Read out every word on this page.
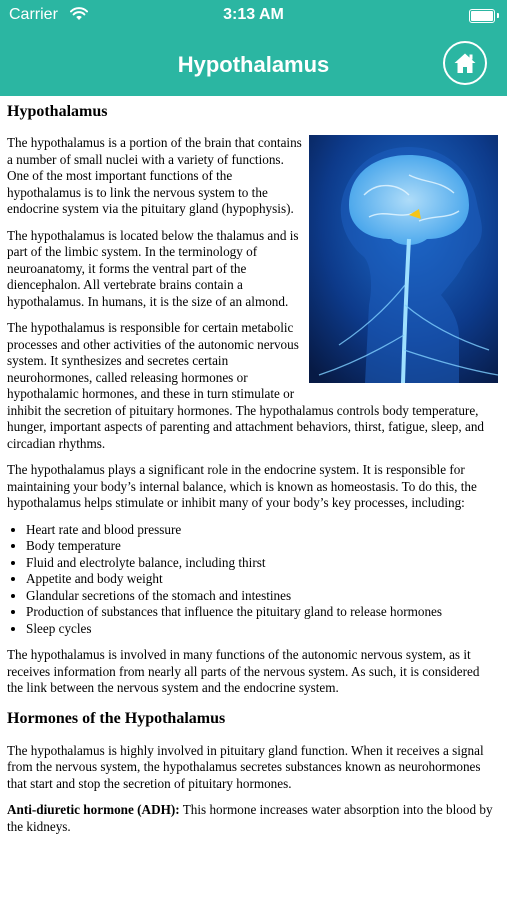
Carrier	3:13 AM
Hypothalamus
Hypothalamus

The hypothalamus is a portion of the brain that contains a number of small nuclei with a variety of functions. One of the most important functions of the hypothalamus is to link the nervous system to the endocrine system via the pituitary gland (hypophysis).

The hypothalamus is located below the thalamus and is part of the limbic system. In the terminology of neuroanatomy, it forms the ventral part of the diencephalon. All vertebrate brains contain a hypothalamus. In humans, it is the size of an almond.

The hypothalamus is responsible for certain metabolic processes and other activities of the autonomic nervous system. It synthesizes and secretes certain neurohormones, called releasing hormones or hypothalamic hormones, and these in turn stimulate or inhibit the secretion of pituitary hormones. The hypothalamus controls body temperature, hunger, important aspects of parenting and attachment behaviors, thirst, fatigue, sleep, and circadian rhythms.

The hypothalamus plays a significant role in the endocrine system. It is responsible for maintaining your body’s internal balance, which is known as homeostasis. To do this, the hypothalamus helps stimulate or inhibit many of your body’s key processes, including:

• Heart rate and blood pressure
• Body temperature
• Fluid and electrolyte balance, including thirst
• Appetite and body weight
• Glandular secretions of the stomach and intestines
• Production of substances that influence the pituitary gland to release hormones
• Sleep cycles

The hypothalamus is involved in many functions of the autonomic nervous system, as it receives information from nearly all parts of the nervous system. As such, it is considered the link between the nervous system and the endocrine system.

Hormones of the Hypothalamus

The hypothalamus is highly involved in pituitary gland function. When it receives a signal from the nervous system, the hypothalamus secretes substances known as neurohormones that start and stop the secretion of pituitary hormones.

Anti-diuretic hormone (ADH): This hormone increases water absorption into the blood by the kidneys.
